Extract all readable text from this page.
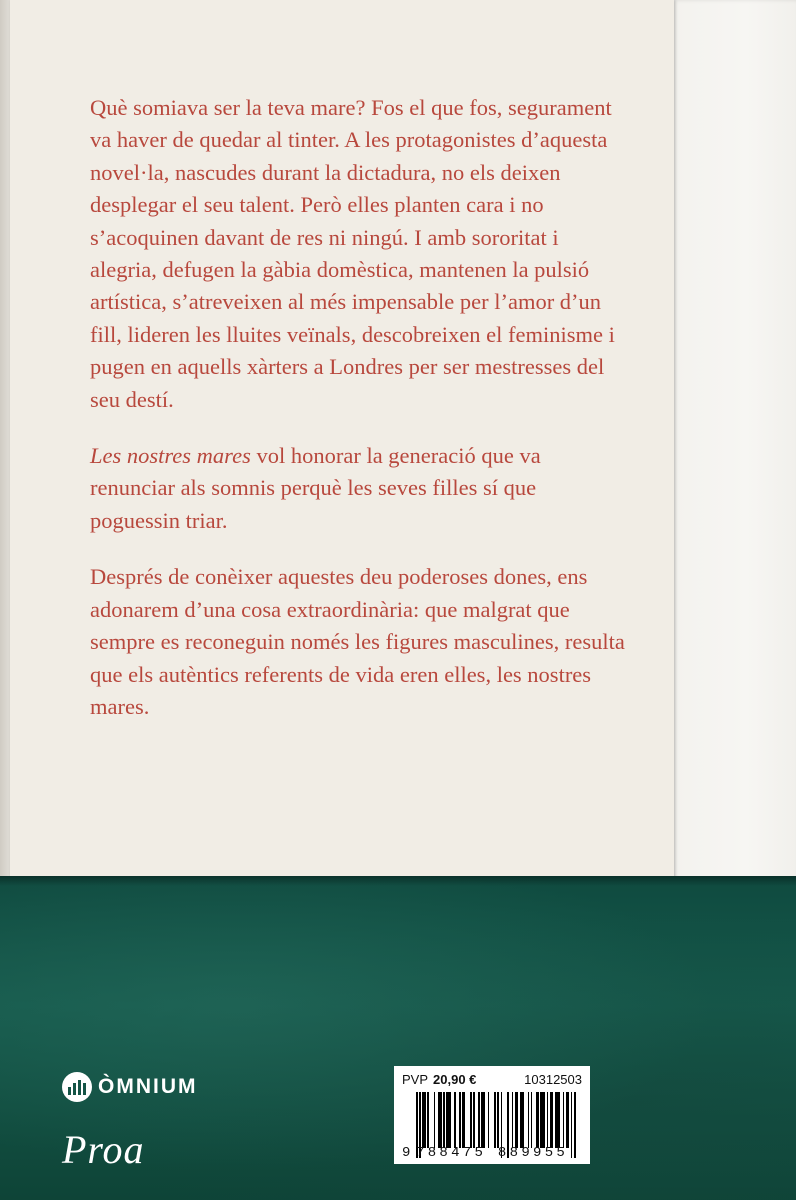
Què somiava ser la teva mare? Fos el que fos, segurament va haver de quedar al tinter. A les protagonistes d’aquesta novel·la, nascudes durant la dictadura, no els deixen desplegar el seu talent. Però elles planten cara i no s’acoquinen davant de res ni ningú. I amb sororitat i alegria, defugen la gàbia domèstica, mantenen la pulsió artística, s’atreveixen al més impensable per l’amor d’un fill, lideren les lluites veïnals, descobreixen el feminisme i pugen en aquells xàrters a Londres per ser mestresses del seu destí.

Les nostres mares vol honorar la generació que va renunciar als somnis perquè les seves filles sí que poguessin triar.

Després de conèixer aquestes deu poderoses dones, ens adonarem d’una cosa extraordinària: que malgrat que sempre es reconeguin només les figures masculines, resulta que els autèntics referents de vida eren elles, les nostres mares.

ÒMNIUM
Proa
PVP 20,90 €	10312503
9 788475 889955
